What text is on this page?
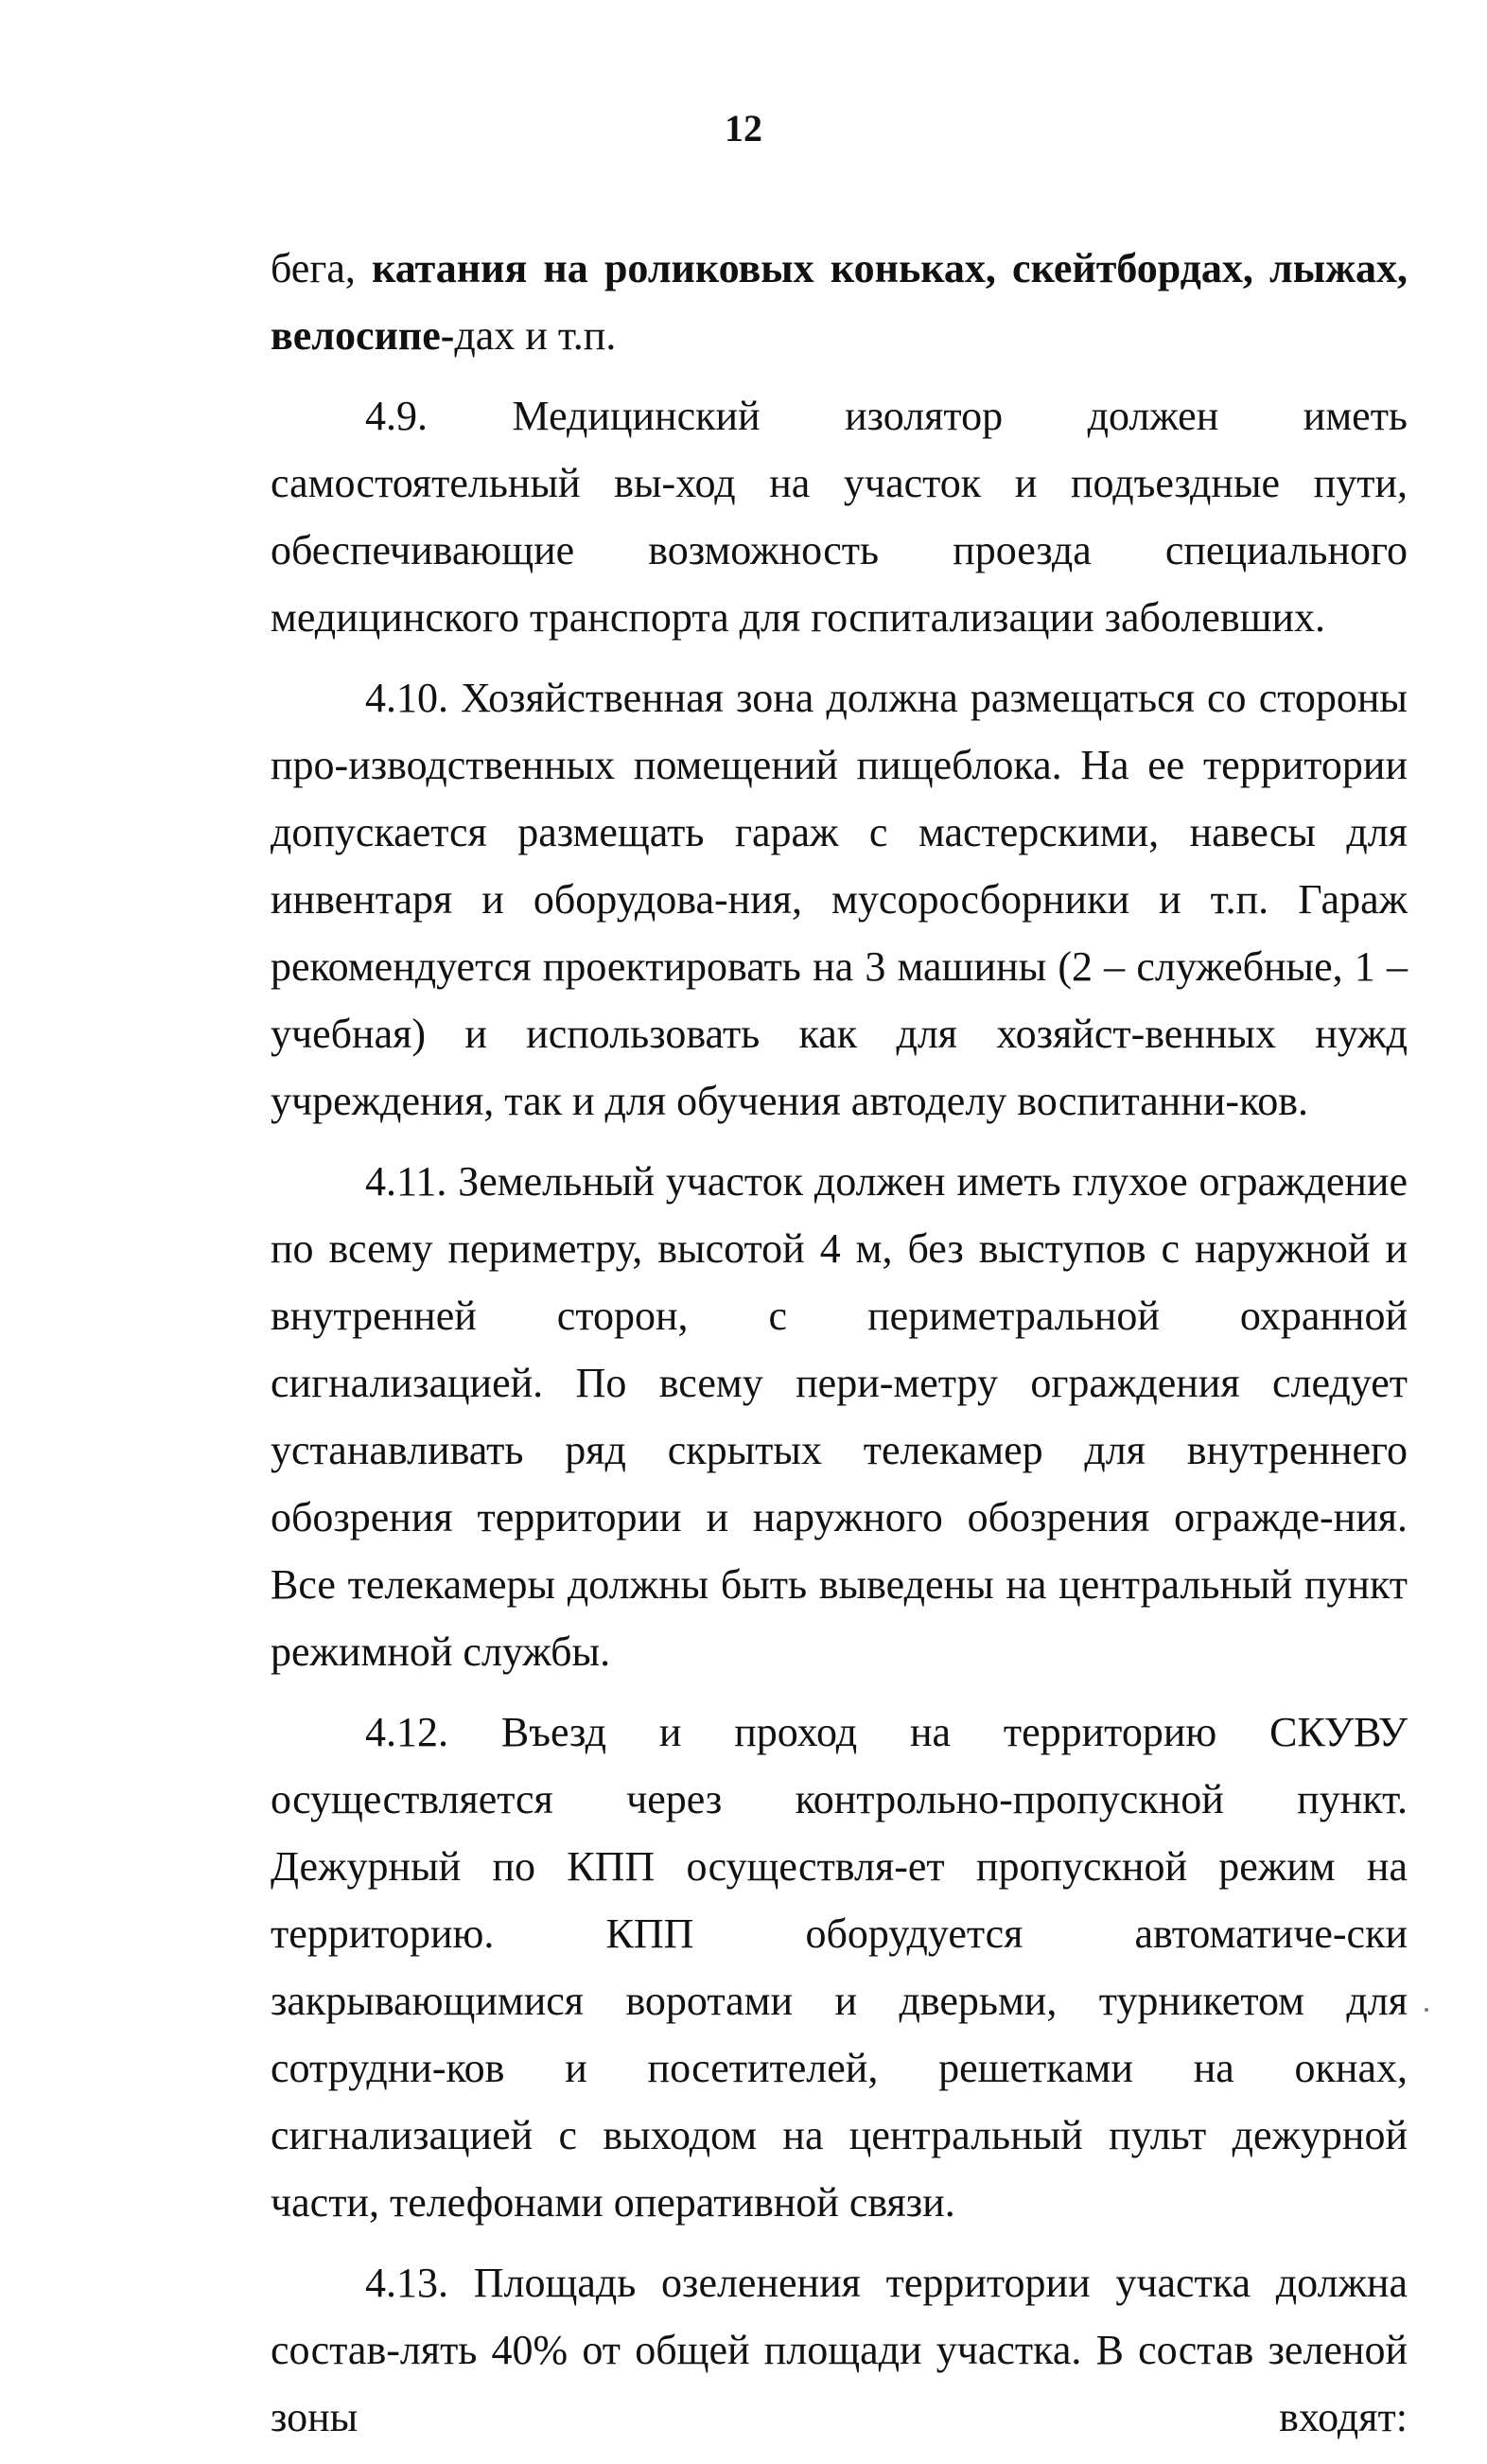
12

бега, катания на роликовых коньках, скейтбордах, лыжах, велосипе-дах и т.п.

4.9. Медицинский изолятор должен иметь самостоятельный вы-ход на участок и подъездные пути, обеспечивающие возможность проезда специального медицинского транспорта для госпитализации заболевших.

4.10. Хозяйственная зона должна размещаться со стороны про-изводственных помещений пищеблока. На ее территории допускается размещать гараж с мастерскими, навесы для инвентаря и оборудова-ния, мусоросборники и т.п. Гараж рекомендуется проектировать на 3 машины (2 – служебные, 1 – учебная) и использовать как для хозяйст-венных нужд учреждения, так и для обучения автоделу воспитанни-ков.

4.11. Земельный участок должен иметь глухое ограждение по всему периметру, высотой 4 м, без выступов с наружной и внутренней сторон, с периметральной охранной сигнализацией. По всему пери-метру ограждения следует устанавливать ряд скрытых телекамер для внутреннего обозрения территории и наружного обозрения огражде-ния. Все телекамеры должны быть выведены на центральный пункт режимной службы.

4.12. Въезд и проход на территорию СКУВУ осуществляется через контрольно-пропускной пункт. Дежурный по КПП осуществля-ет пропускной режим на территорию. КПП оборудуется автоматиче-ски закрывающимися воротами и дверьми, турникетом для сотрудни-ков и посетителей, решетками на окнах, сигнализацией с выходом на центральный пульт дежурной части, телефонами оперативной связи.

4.13. Площадь озеленения территории участка должна состав-лять 40% от общей площади участка. В состав зеленой зоны входят:
